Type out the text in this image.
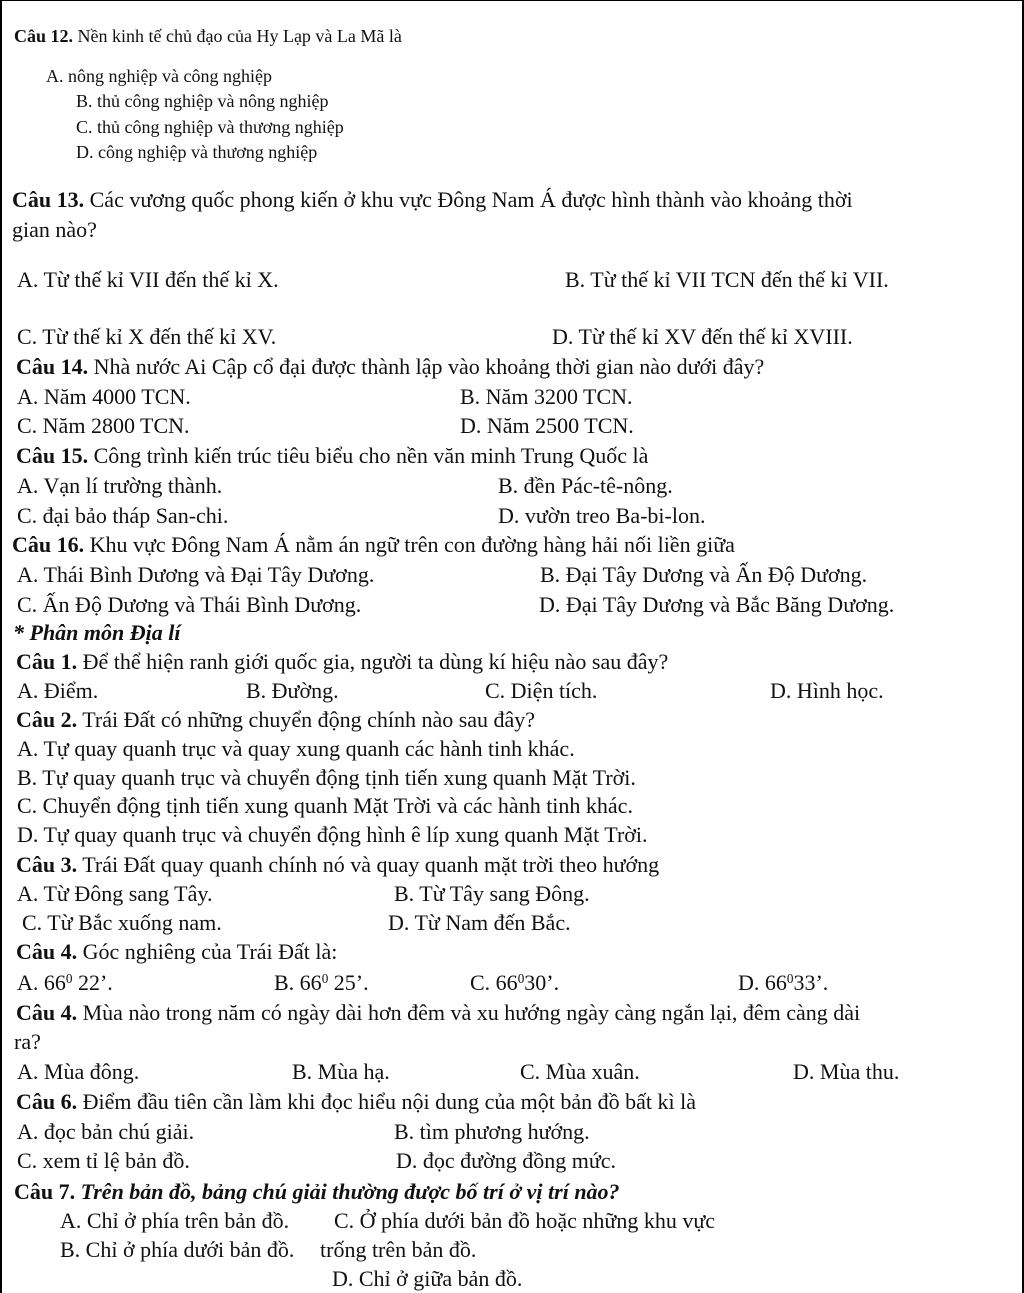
Câu 12. Nền kinh tế chủ đạo của Hy Lạp và La Mã là
A. nông nghiệp và công nghiệp
B. thủ công nghiệp và nông nghiệp
C. thủ công nghiệp và thương nghiệp
D. công nghiệp và thương nghiệp
Câu 13. Các vương quốc phong kiến ở khu vực Đông Nam Á được hình thành vào khoảng thời
gian nào?
A. Từ thế kỉ VII đến thế kỉ X.	B. Từ thế kỉ VII TCN đến thế kỉ VII.
C. Từ thế kỉ X đến thế kỉ XV.	D. Từ thế kỉ XV đến thế kỉ XVIII.
Câu 14. Nhà nước Ai Cập cổ đại được thành lập vào khoảng thời gian nào dưới đây?
A. Năm 4000 TCN.	B. Năm 3200 TCN.
C. Năm 2800 TCN.	D. Năm 2500 TCN.
Câu 15. Công trình kiến trúc tiêu biểu cho nền văn minh Trung Quốc là
A. Vạn lí trường thành.	B. đền Pác-tê-nông.
C. đại bảo tháp San-chi.	D. vườn treo Ba-bi-lon.
Câu 16. Khu vực Đông Nam Á nằm án ngữ trên con đường hàng hải nối liền giữa
A. Thái Bình Dương và Đại Tây Dương.	B. Đại Tây Dương và Ấn Độ Dương.
C. Ấn Độ Dương và Thái Bình Dương.	D. Đại Tây Dương và Bắc Băng Dương.
* Phân môn Địa lí
Câu 1. Để thể hiện ranh giới quốc gia, người ta dùng kí hiệu nào sau đây?
A. Điểm.	B. Đường.	C. Diện tích.	D. Hình học.
Câu 2. Trái Đất có những chuyển động chính nào sau đây?
A. Tự quay quanh trục và quay xung quanh các hành tinh khác.
B. Tự quay quanh trục và chuyển động tịnh tiến xung quanh Mặt Trời.
C. Chuyển động tịnh tiến xung quanh Mặt Trời và các hành tinh khác.
D. Tự quay quanh trục và chuyển động hình ê líp xung quanh Mặt Trời.
Câu 3. Trái Đất quay quanh chính nó và quay quanh mặt trời theo hướng
A. Từ Đông sang Tây.	B. Từ Tây sang Đông.
C. Từ Bắc xuống nam.	D. Từ Nam đến Bắc.
Câu 4. Góc nghiêng của Trái Đất là:
A. $66^0$ 22’.	B. $66^0$ 25’.	C. $66^030$’.	D. $66^033$’.
Câu 4. Mùa nào trong năm có ngày dài hơn đêm và xu hướng ngày càng ngắn lại, đêm càng dài
ra?
A. Mùa đông.	B. Mùa hạ.	C. Mùa xuân.	D. Mùa thu.
Câu 6. Điểm đầu tiên cần làm khi đọc hiểu nội dung của một bản đồ bất kì là
A. đọc bản chú giải.	B. tìm phương hướng.
C. xem tỉ lệ bản đồ.	D. đọc đường đồng mức.
Câu 7. Trên bản đồ, bảng chú giải thường được bố trí ở vị trí nào?
A. Chỉ ở phía trên bản đồ. C. Ở phía dưới bản đồ hoặc những khu vực
B. Chỉ ở phía dưới bản đồ. trống trên bản đồ.
D. Chỉ ở giữa bản đồ.
